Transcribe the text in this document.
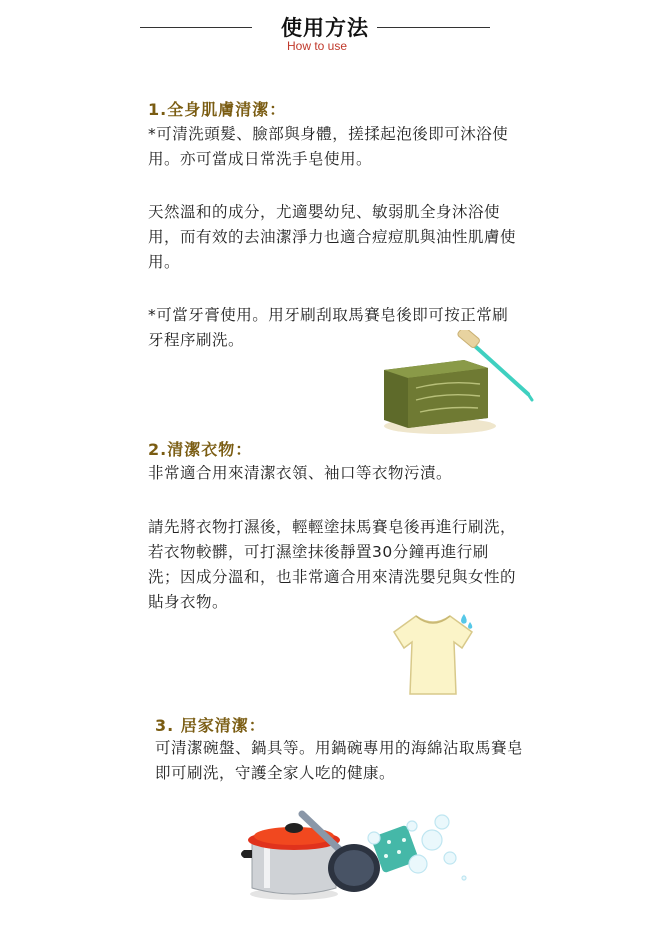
使用方法
How to use
1.全身肌膚清潔：
*可清洗頭髮、臉部與身體，搓揉起泡後即可沐浴使用。亦可當成日常洗手皂使用。
天然溫和的成分，尤適嬰幼兒、敏弱肌全身沐浴使用，而有效的去油潔淨力也適合痘痘肌與油性肌膚使用。
*可當牙膏使用。用牙刷刮取馬賽皂後即可按正常刷牙程序刷洗。
2.清潔衣物：
非常適合用來清潔衣領、袖口等衣物污漬。
請先將衣物打濕後，輕輕塗抹馬賽皂後再進行刷洗，若衣物較髒，可打濕塗抹後靜置30分鐘再進行刷洗；因成分溫和，也非常適合用來清洗嬰兒與女性的貼身衣物。
3. 居家清潔：
可清潔碗盤、鍋具等。用鍋碗專用的海綿沾取馬賽皂即可刷洗，守護全家人吃的健康。
